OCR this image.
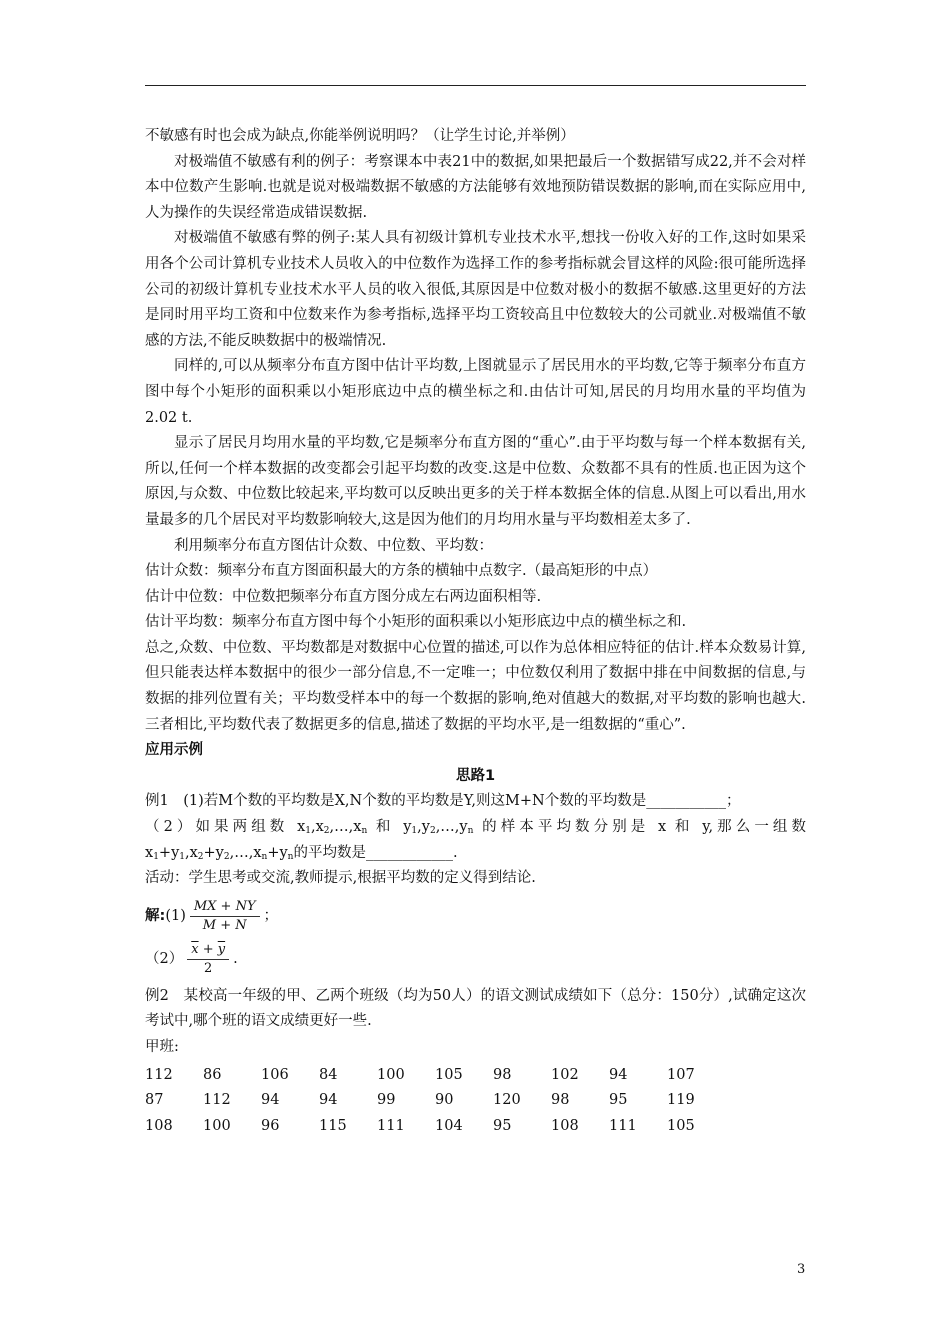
不敏感有时也会成为缺点,你能举例说明吗？（让学生讨论,并举例）

对极端值不敏感有利的例子：考察课本中表21中的数据,如果把最后一个数据错写成22,并不会对样本中位数产生影响.也就是说对极端数据不敏感的方法能够有效地预防错误数据的影响,而在实际应用中,人为操作的失误经常造成错误数据.

对极端值不敏感有弊的例子:某人具有初级计算机专业技术水平,想找一份收入好的工作,这时如果采用各个公司计算机专业技术人员收入的中位数作为选择工作的参考指标就会冒这样的风险:很可能所选择公司的初级计算机专业技术水平人员的收入很低,其原因是中位数对极小的数据不敏感.这里更好的方法是同时用平均工资和中位数来作为参考指标,选择平均工资较高且中位数较大的公司就业.对极端值不敏感的方法,不能反映数据中的极端情况.

同样的,可以从频率分布直方图中估计平均数,上图就显示了居民用水的平均数,它等于频率分布直方图中每个小矩形的面积乘以小矩形底边中点的横坐标之和.由估计可知,居民的月均用水量的平均值为2.02 t.

显示了居民月均用水量的平均数,它是频率分布直方图的“重心”.由于平均数与每一个样本数据有关,所以,任何一个样本数据的改变都会引起平均数的改变.这是中位数、众数都不具有的性质.也正因为这个原因,与众数、中位数比较起来,平均数可以反映出更多的关于样本数据全体的信息.从图上可以看出,用水量最多的几个居民对平均数影响较大,这是因为他们的月均用水量与平均数相差太多了.

利用频率分布直方图估计众数、中位数、平均数：

估计众数：频率分布直方图面积最大的方条的横轴中点数字.（最高矩形的中点）

估计中位数：中位数把频率分布直方图分成左右两边面积相等.

估计平均数：频率分布直方图中每个小矩形的面积乘以小矩形底边中点的横坐标之和.

总之,众数、中位数、平均数都是对数据中心位置的描述,可以作为总体相应特征的估计.样本众数易计算,但只能表达样本数据中的很少一部分信息,不一定唯一；中位数仅利用了数据中排在中间数据的信息,与数据的排列位置有关；平均数受样本中的每一个数据的影响,绝对值越大的数据,对平均数的影响也越大.三者相比,平均数代表了数据更多的信息,描述了数据的平均水平,是一组数据的“重心”.

应用示例

思路1

例1　(1)若M个数的平均数是X,N个数的平均数是Y,则这M+N个数的平均数是___________；

（2）如果两组数 $x_1,x_2,\dots,x_n$ 和 $y_1,y_2,\dots,y_n$ 的样本平均数分别是 x 和 y,那么一组数 $x_1+y_1,x_2+y_2,\dots,x_n+y_n$的平均数是____________.

活动：学生思考或交流,教师提示,根据平均数的定义得到结论.

解: $(1) \frac{MX + NY}{M + N}$ ；
$(2) \frac{\overline{x} + \overline{y}}{2}$ .

例2　某校高一年级的甲、乙两个班级（均为50人）的语文测试成绩如下（总分：150分）,试确定这次考试中,哪个班的语文成绩更好一些.

甲班:

112	86	106	84	100	105	98	102	94	107
87	112	94	94	99	90	120	98	95	119
108	100	96	115	111	104	95	108	111	105
3
